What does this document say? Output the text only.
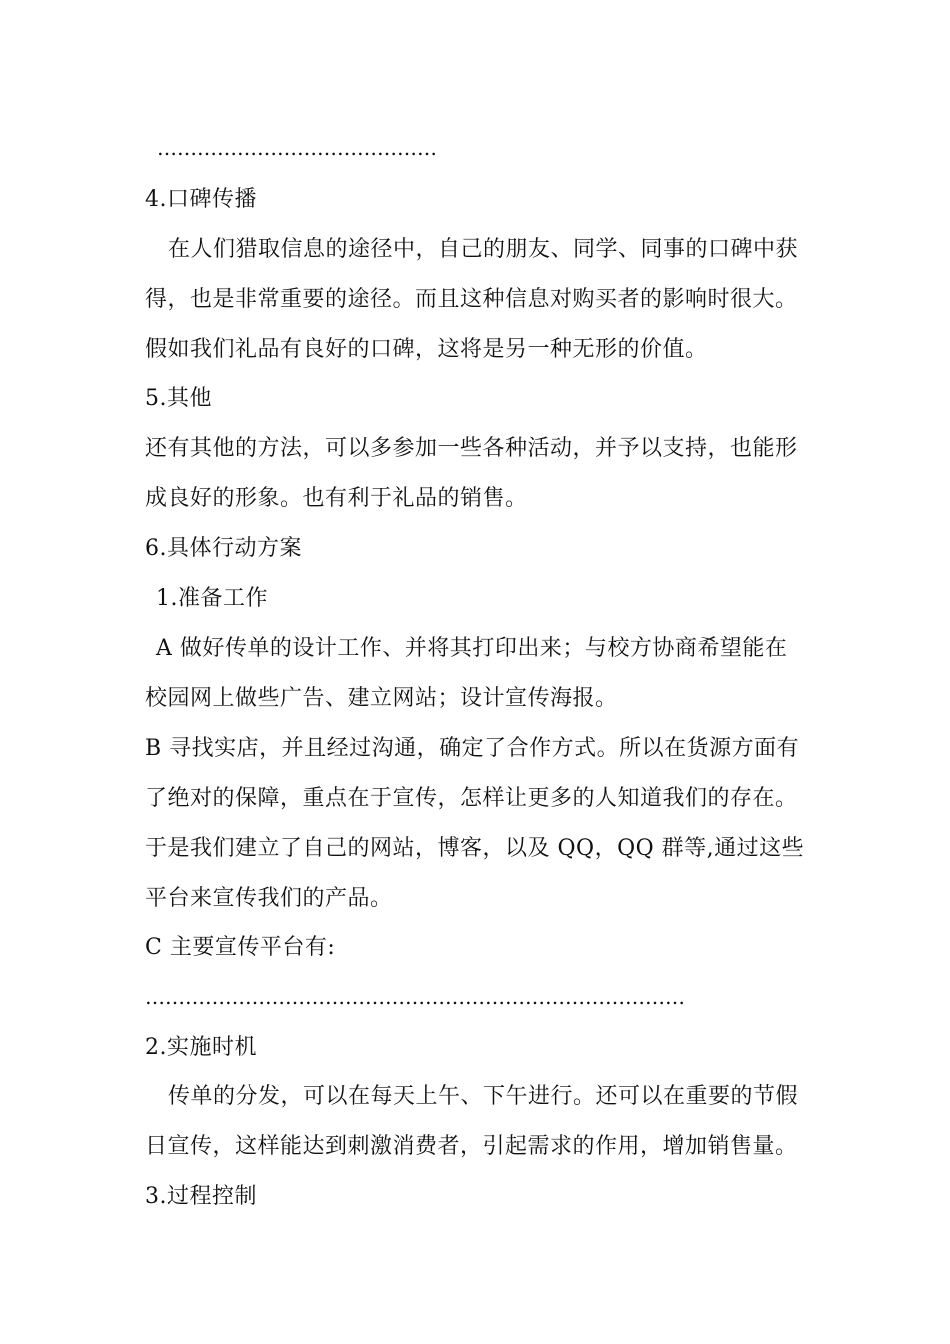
……………………………………
4.口碑传播
在人们猎取信息的途径中，自己的朋友、同学、同事的口碑中获
得，也是非常重要的途径。而且这种信息对购买者的影响时很大。
假如我们礼品有良好的口碑，这将是另一种无形的价值。
5.其他
还有其他的方法，可以多参加一些各种活动，并予以支持，也能形
成良好的形象。也有利于礼品的销售。
6.具体行动方案
1.准备工作
A 做好传单的设计工作、并将其打印出来；与校方协商希望能在
校园网上做些广告、建立网站；设计宣传海报。
B 寻找实店，并且经过沟通，确定了合作方式。所以在货源方面有
了绝对的保障，重点在于宣传，怎样让更多的人知道我们的存在。
于是我们建立了自己的网站，博客，以及 QQ，QQ 群等,通过这些
平台来宣传我们的产品。
C 主要宣传平台有:
………………………………………………………………………
2.实施时机
传单的分发，可以在每天上午、下午进行。还可以在重要的节假
日宣传，这样能达到刺激消费者，引起需求的作用，增加销售量。
3.过程控制
